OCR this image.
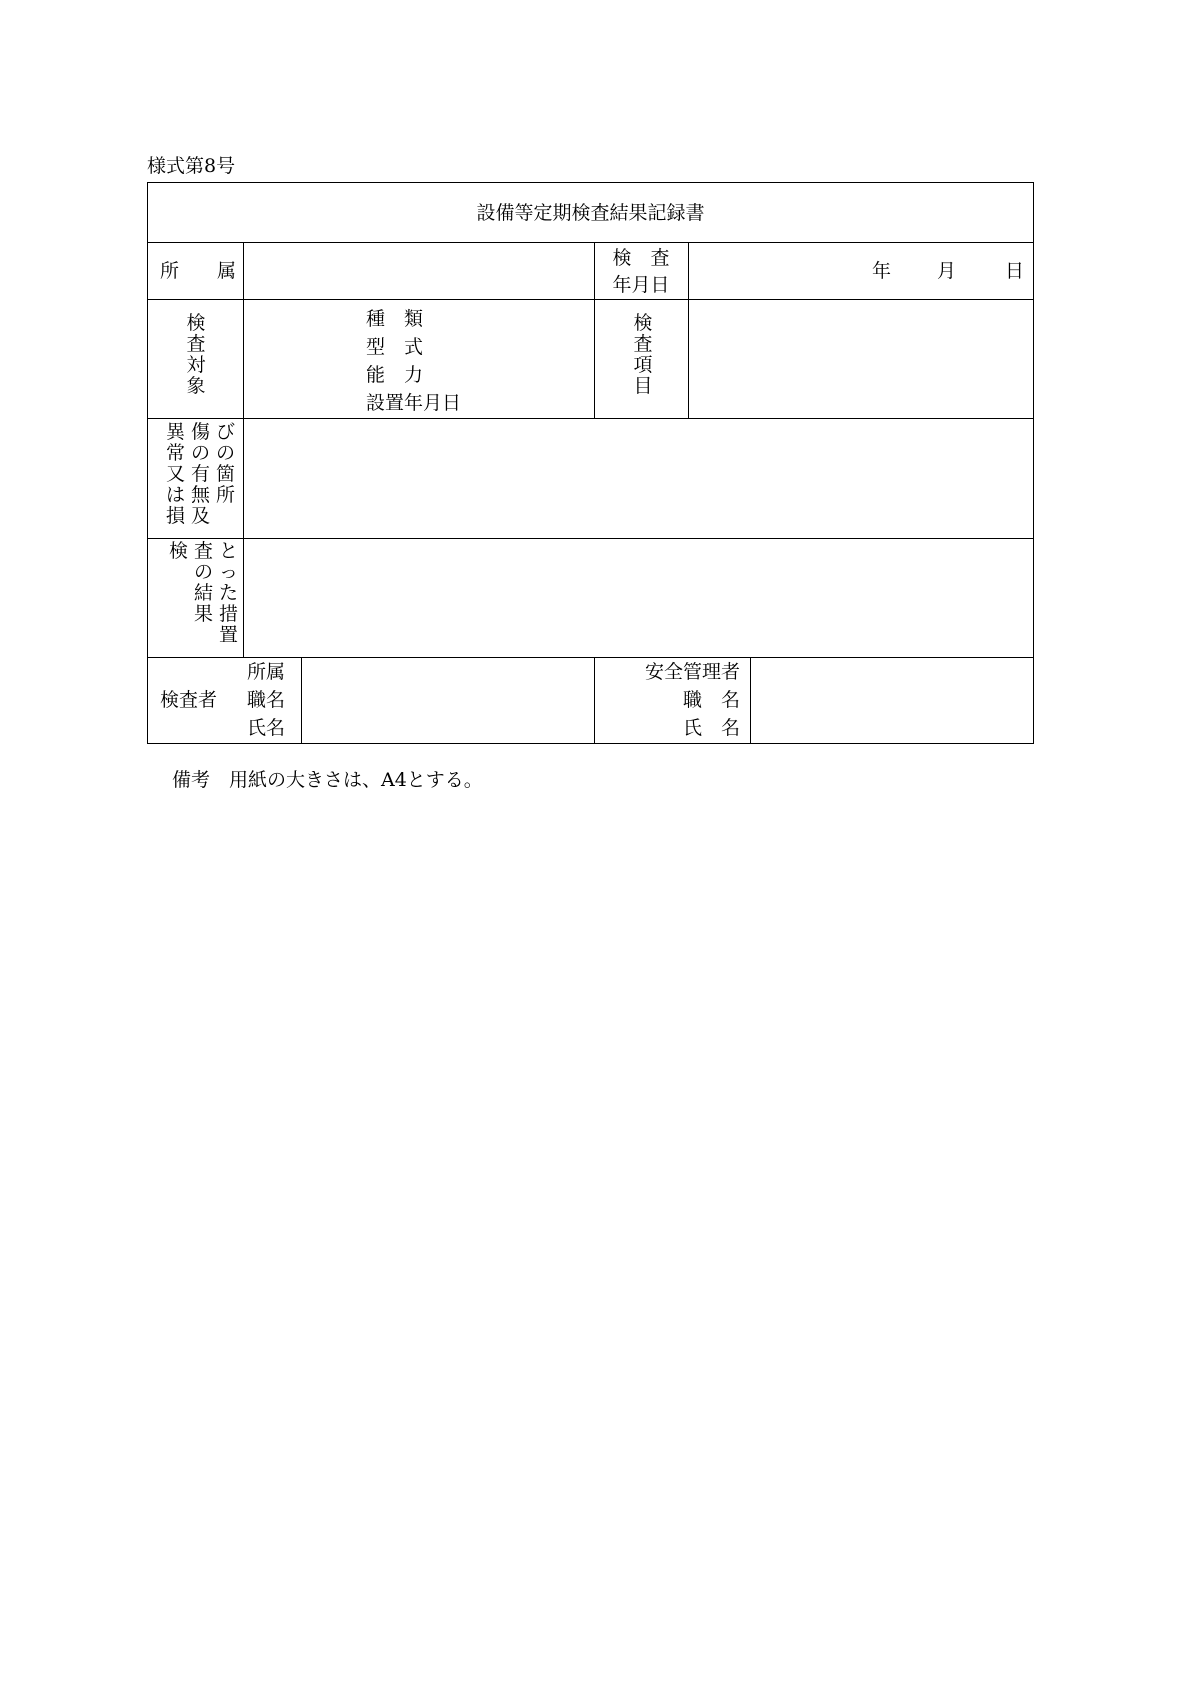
様式第8号
設備等定期検査結果記録書
所　　属
検　査
年月日
年 月	日
検
査
対
象
種　類
型　式
能　力
設置年月日
検
査
項
目
び
の
箇
所
傷
の
有
無
及
異
常
又
は
損
と
っ
た
措
置
査
の
結
果
検
検査者
所属
職名
氏名
安全管理者
職　名
氏　名
備考　用紙の大きさは、A4とする。
